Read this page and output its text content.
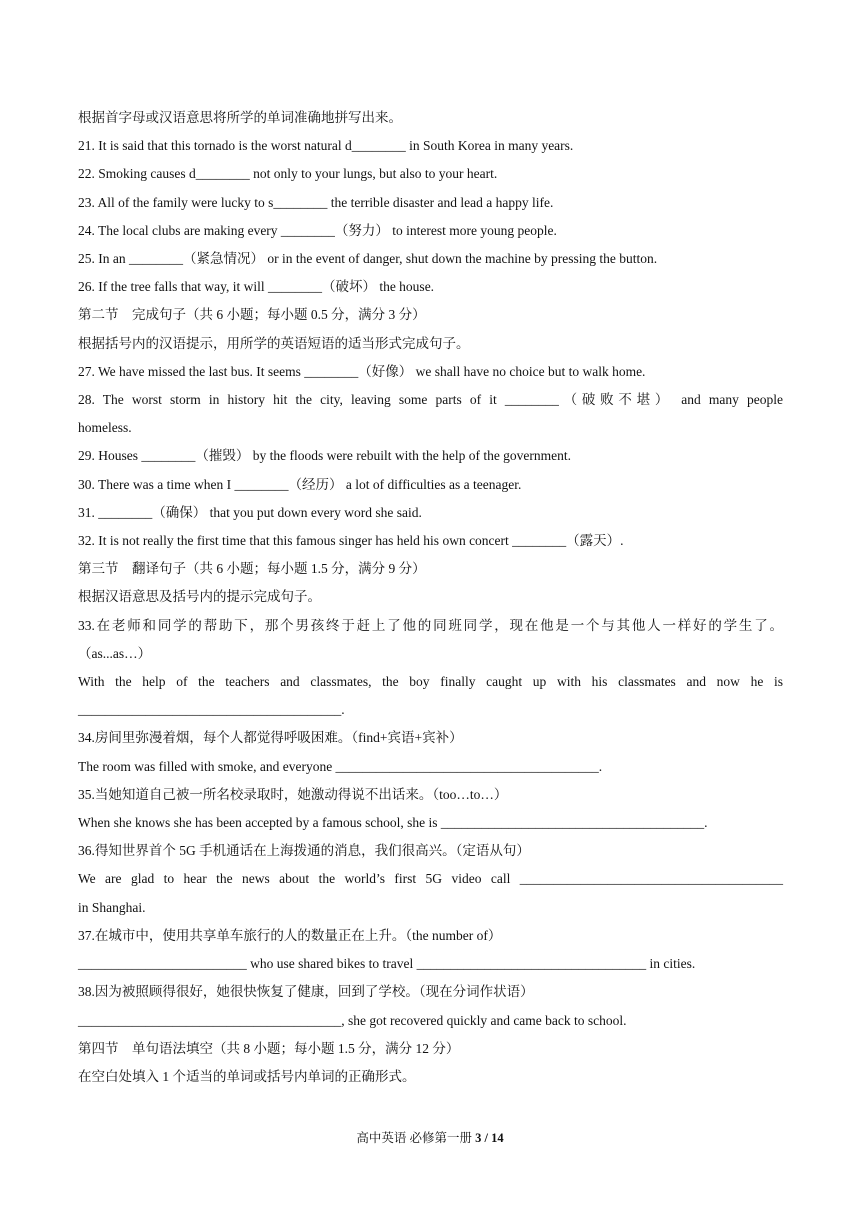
根据首字母或汉语意思将所学的单词准确地拼写出来。
21. It is said that this tornado is the worst natural d________ in South Korea in many years.
22. Smoking causes d________ not only to your lungs, but also to your heart.
23. All of the family were lucky to s________ the terrible disaster and lead a happy life.
24. The local clubs are making every ________（努力） to interest more young people.
25. In an ________（紧急情况） or in the event of danger, shut down the machine by pressing the button.
26. If the tree falls that way, it will ________（破坏） the house.
第二节　完成句子（共 6 小题；每小题 0.5 分，满分 3 分）
根据括号内的汉语提示，用所学的英语短语的适当形式完成句子。
27. We have missed the last bus. It seems ________（好像） we shall have no choice but to walk home.
28. The worst storm in history hit the city, leaving some parts of it ________（破败不堪） and many people
homeless.
29. Houses ________（摧毁） by the floods were rebuilt with the help of the government.
30. There was a time when I ________（经历） a lot of difficulties as a teenager.
31. ________（确保） that you put down every word she said.
32. It is not really the first time that this famous singer has held his own concert ________（露天）.
第三节　翻译句子（共 6 小题；每小题 1.5 分，满分 9 分）
根据汉语意思及括号内的提示完成句子。
33.在老师和同学的帮助下，那个男孩终于赶上了他的同班同学，现在他是一个与其他人一样好的学生了。
（as...as…）
With the help of the teachers and classmates, the boy finally caught up with his classmates and now he is
_______________________________________.
34.房间里弥漫着烟，每个人都觉得呼吸困难。（find+宾语+宾补）
The room was filled with smoke, and everyone _______________________________________.
35.当她知道自己被一所名校录取时，她激动得说不出话来。（too…to…）
When she knows she has been accepted by a famous school, she is _______________________________________.
36.得知世界首个 5G 手机通话在上海拨通的消息，我们很高兴。（定语从句）
We are glad to hear the news about the world’s first 5G video call _______________________________________
in Shanghai.
37.在城市中，使用共享单车旅行的人的数量正在上升。（the number of）
_________________________ who use shared bikes to travel __________________________________ in cities.
38.因为被照顾得很好，她很快恢复了健康，回到了学校。（现在分词作状语）
_______________________________________, she got recovered quickly and came back to school.
第四节　单句语法填空（共 8 小题；每小题 1.5 分，满分 12 分）
在空白处填入 1 个适当的单词或括号内单词的正确形式。
高中英语 必修第一册 3 / 14
